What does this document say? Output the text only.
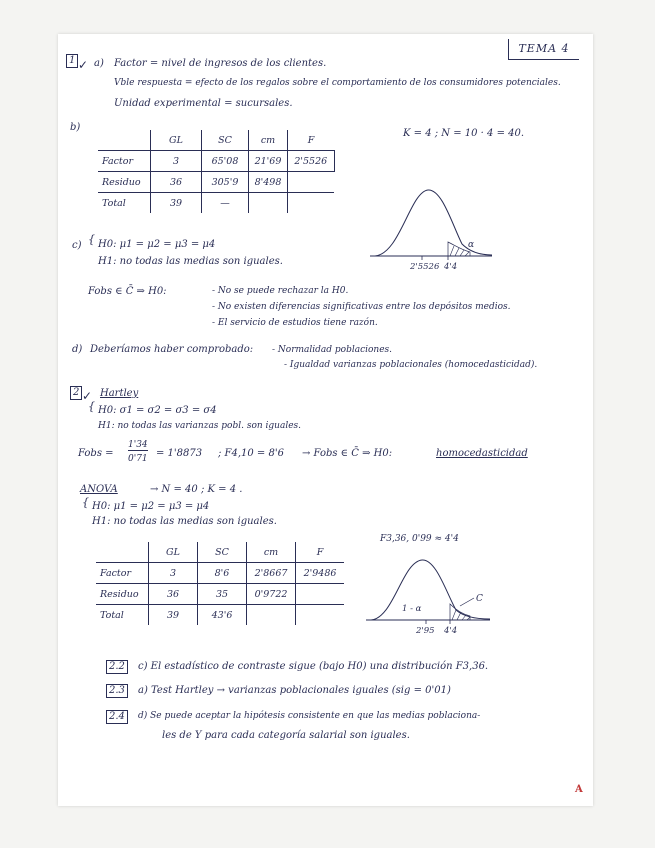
TEMA 4
1 ✓ a) Factor = nivel de ingresos de los clientes.
Vble respuesta = efecto de los regalos sobre el comportamiento de los consumidores potenciales.
Unidad experimental = sucursales.
b)
	GL	SC	cm	F
Factor	3	65'08	21'69	2'5526
Residuo	36	305'9	8'498	
Total	39	—		
K = 4 ; N = 10 · 4 = 40.
2'5526 4'4
α
c) { H0: μ1 = μ2 = μ3 = μ4
H1: no todas las medias son iguales.
Fobs ∈ C̄ ⇒ H0:	- No se puede rechazar la H0.
- No existen diferencias significativas entre los depósitos medios.
- El servicio de estudios tiene razón.
d) Deberíamos haber comprobado: - Normalidad poblaciones.
- Igualdad varianzas poblacionales (homocedasticidad).
2 ✓ Hartley
{ H0: σ1 = σ2 = σ3 = σ4
H1: no todas las varianzas pobl. son iguales.
Fobs =
1'34
0'71 = 1'8873 ; F4,10 = 8'6 → Fobs ∈ C̄ ⇒ H0:	homocedasticidad
ANOVA	→ N = 40 ; K = 4 .
{ H0: μ1 = μ2 = μ3 = μ4
H1: no todas las medias son iguales.
F3,36, 0'99 ≈ 4'4
	GL	SC	cm	F
Factor	3	8'6	2'8667	2'9486
Residuo	36	35	0'9722	
Total	39	43'6		
1 - α
2'95 4'4
C
2.2	c) El estadístico de contraste sigue (bajo H0) una distribución F3,36.
2.3	a) Test Hartley → varianzas poblacionales iguales (sig = 0'01)
2.4	d) Se puede aceptar la hipótesis consistente en que las medias poblaciona-
les de Y para cada categoría salarial son iguales.
A
